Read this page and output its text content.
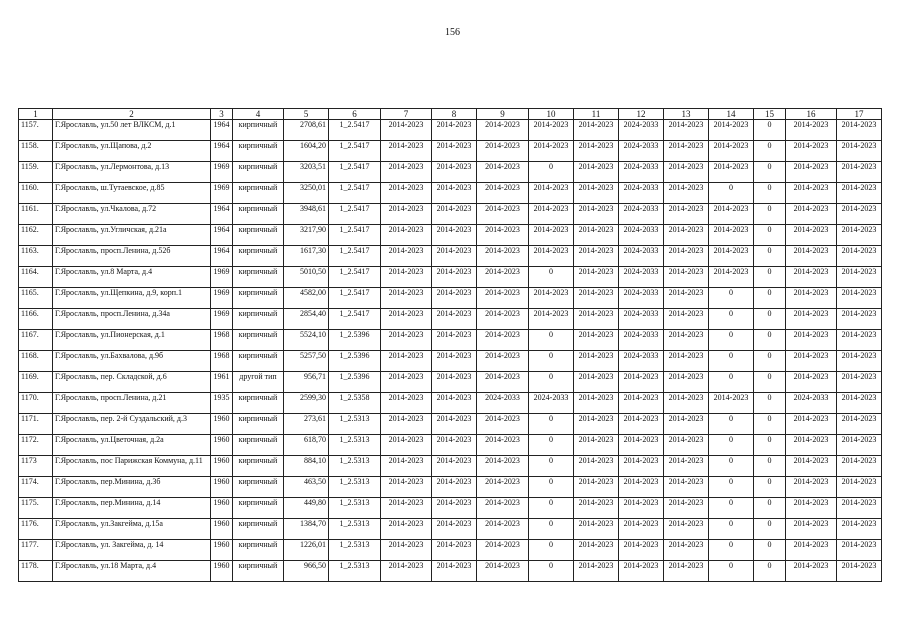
156
1	2	3	4	5	6	7	8	9	10	11	12	13	14	15	16	17
1157.	Г.Ярославль, ул.50 лет ВЛКСМ, д.1	1964	кирпичный	2708,61	1_2.5417	2014-2023	2014-2023	2014-2023	2014-2023	2014-2023	2024-2033	2014-2023	2014-2023	0	2014-2023	2014-2023
1158.	Г.Ярославль, ул.Щапова, д.2	1964	кирпичный	1604,20	1_2.5417	2014-2023	2014-2023	2014-2023	2014-2023	2014-2023	2024-2033	2014-2023	2014-2023	0	2014-2023	2014-2023
1159.	Г.Ярославль, ул.Лермонтова, д.13	1969	кирпичный	3203,51	1_2.5417	2014-2023	2014-2023	2014-2023	0	2014-2023	2024-2033	2014-2023	2014-2023	0	2014-2023	2014-2023
1160.	Г.Ярославль, ш.Тутаевское, д.85	1969	кирпичный	3250,01	1_2.5417	2014-2023	2014-2023	2014-2023	2014-2023	2014-2023	2024-2033	2014-2023	0	0	2014-2023	2014-2023
1161.	Г.Ярославль, ул.Чкалова, д.72	1964	кирпичный	3948,61	1_2.5417	2014-2023	2014-2023	2014-2023	2014-2023	2014-2023	2024-2033	2014-2023	2014-2023	0	2014-2023	2014-2023
1162.	Г.Ярославль, ул.Угличская, д.21а	1964	кирпичный	3217,90	1_2.5417	2014-2023	2014-2023	2014-2023	2014-2023	2014-2023	2024-2033	2014-2023	2014-2023	0	2014-2023	2014-2023
1163.	Г.Ярославль, просп.Ленина, д.52б	1964	кирпичный	1617,30	1_2.5417	2014-2023	2014-2023	2014-2023	2014-2023	2014-2023	2024-2033	2014-2023	2014-2023	0	2014-2023	2014-2023
1164.	Г.Ярославль, ул.8 Марта, д.4	1969	кирпичный	5010,50	1_2.5417	2014-2023	2014-2023	2014-2023	0	2014-2023	2024-2033	2014-2023	2014-2023	0	2014-2023	2014-2023
1165.	Г.Ярославль, ул.Щепкина, д.9, корп.1	1969	кирпичный	4582,00	1_2.5417	2014-2023	2014-2023	2014-2023	2014-2023	2014-2023	2024-2033	2014-2023	0	0	2014-2023	2014-2023
1166.	Г.Ярославль, просп.Ленина, д.34а	1969	кирпичный	2854,40	1_2.5417	2014-2023	2014-2023	2014-2023	2014-2023	2014-2023	2024-2033	2014-2023	0	0	2014-2023	2014-2023
1167.	Г.Ярославль, ул.Пионерская, д.1	1968	кирпичный	5524,10	1_2.5396	2014-2023	2014-2023	2014-2023	0	2014-2023	2024-2033	2014-2023	0	0	2014-2023	2014-2023
1168.	Г.Ярославль, ул.Бахвалова, д.9б	1968	кирпичный	5257,50	1_2.5396	2014-2023	2014-2023	2014-2023	0	2014-2023	2024-2033	2014-2023	0	0	2014-2023	2014-2023
1169.	Г.Ярославль, пер. Складской, д.6	1961	другой тип	956,71	1_2.5396	2014-2023	2014-2023	2014-2023	0	2014-2023	2014-2023	2014-2023	0	0	2014-2023	2014-2023
1170.	Г.Ярославль, просп.Ленина, д.21	1935	кирпичный	2599,30	1_2.5358	2014-2023	2014-2023	2024-2033	2024-2033	2014-2023	2014-2023	2014-2023	2014-2023	0	2024-2033	2014-2023
1171.	Г.Ярославль, пер. 2-й Суздальский, д.3	1960	кирпичный	273,61	1_2.5313	2014-2023	2014-2023	2014-2023	0	2014-2023	2014-2023	2014-2023	0	0	2014-2023	2014-2023
1172.	Г.Ярославль, ул.Цветочная, д.2а	1960	кирпичный	618,70	1_2.5313	2014-2023	2014-2023	2014-2023	0	2014-2023	2014-2023	2014-2023	0	0	2014-2023	2014-2023
1173	Г.Ярославль, пос Парижская Коммуна, д.11	1960	кирпичный	884,10	1_2.5313	2014-2023	2014-2023	2014-2023	0	2014-2023	2014-2023	2014-2023	0	0	2014-2023	2014-2023
1174.	Г.Ярославль, пер.Минина, д.3б	1960	кирпичный	463,50	1_2.5313	2014-2023	2014-2023	2014-2023	0	2014-2023	2014-2023	2014-2023	0	0	2014-2023	2014-2023
1175.	Г.Ярославль, пер.Минина, д.14	1960	кирпичный	449,80	1_2.5313	2014-2023	2014-2023	2014-2023	0	2014-2023	2014-2023	2014-2023	0	0	2014-2023	2014-2023
1176.	Г.Ярославль, ул.Закгейма, д.15а	1960	кирпичный	1384,70	1_2.5313	2014-2023	2014-2023	2014-2023	0	2014-2023	2014-2023	2014-2023	0	0	2014-2023	2014-2023
1177.	Г.Ярославль, ул. Закгейма, д. 14	1960	кирпичный	1226,01	1_2.5313	2014-2023	2014-2023	2014-2023	0	2014-2023	2014-2023	2014-2023	0	0	2014-2023	2014-2023
1178.	Г.Ярославль, ул.18 Марта, д.4	1960	кирпичный	966,50	1_2.5313	2014-2023	2014-2023	2014-2023	0	2014-2023	2014-2023	2014-2023	0	0	2014-2023	2014-2023
